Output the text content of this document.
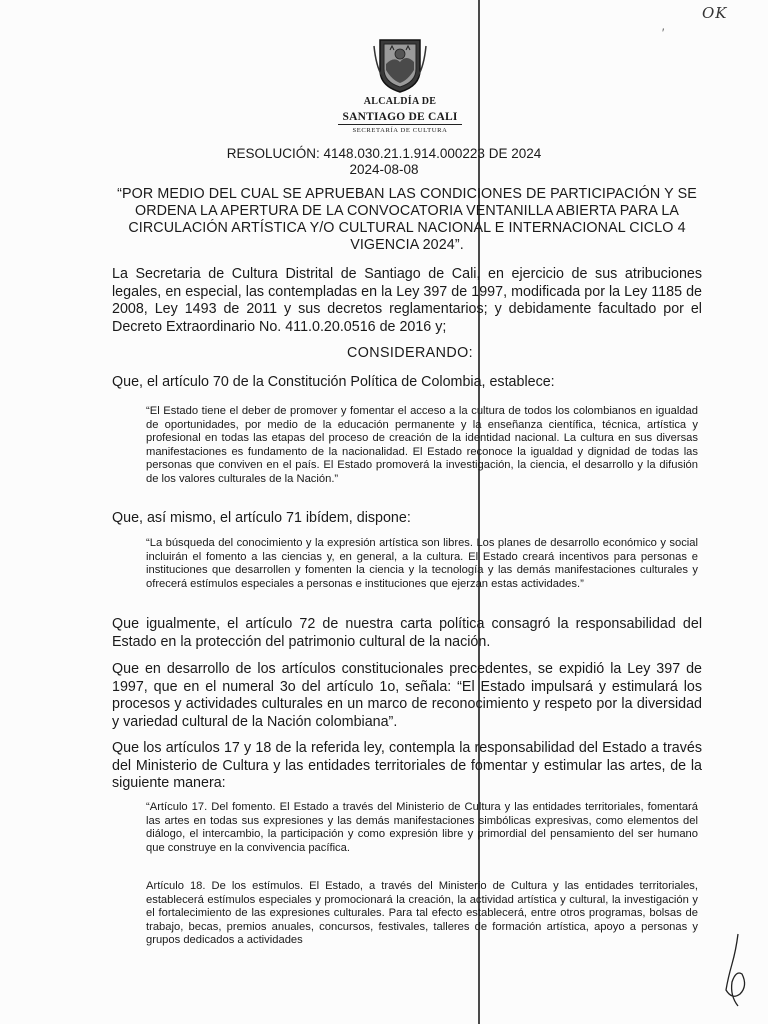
OK
′
ALCALDÍA DE
SANTIAGO DE CALI
SECRETARÍA DE CULTURA
RESOLUCIÓN: 4148.030.21.1.914.000223 DE 2024
2024-08-08
“POR MEDIO DEL CUAL SE APRUEBAN LAS CONDICIONES DE PARTICIPACIÓN Y SE ORDENA LA APERTURA DE LA CONVOCATORIA VENTANILLA ABIERTA PARA LA CIRCULACIÓN ARTÍSTICA Y/O CULTURAL NACIONAL E INTERNACIONAL CICLO 4 VIGENCIA 2024”.
La Secretaria de Cultura Distrital de Santiago de Cali, en ejercicio de sus atribuciones legales, en especial, las contempladas en la Ley 397 de 1997, modificada por la Ley 1185 de 2008, Ley 1493 de 2011 y sus decretos reglamentarios; y debidamente facultado por el Decreto Extraordinario No. 411.0.20.0516 de 2016 y;
CONSIDERANDO:
Que, el artículo 70 de la Constitución Política de Colombia, establece:
“El Estado tiene el deber de promover y fomentar el acceso a la cultura de todos los colombianos en igualdad de oportunidades, por medio de la educación permanente y la enseñanza científica, técnica, artística y profesional en todas las etapas del proceso de creación de la identidad nacional. La cultura en sus diversas manifestaciones es fundamento de la nacionalidad. El Estado reconoce la igualdad y dignidad de todas las personas que conviven en el país. El Estado promoverá la investigación, la ciencia, el desarrollo y la difusión de los valores culturales de la Nación.”
Que, así mismo, el artículo 71 ibídem, dispone:
“La búsqueda del conocimiento y la expresión artística son libres. Los planes de desarrollo económico y social incluirán el fomento a las ciencias y, en general, a la cultura. El Estado creará incentivos para personas e instituciones que desarrollen y fomenten la ciencia y la tecnología y las demás manifestaciones culturales y ofrecerá estímulos especiales a personas e instituciones que ejerzan estas actividades.”
Que igualmente, el artículo 72 de nuestra carta política consagró la responsabilidad del Estado en la protección del patrimonio cultural de la nación.
Que en desarrollo de los artículos constitucionales precedentes, se expidió la Ley 397 de 1997, que en el numeral 3o del artículo 1o, señala: “El Estado impulsará y estimulará los procesos y actividades culturales en un marco de reconocimiento y respeto por la diversidad y variedad cultural de la Nación colombiana”.
Que los artículos 17 y 18 de la referida ley, contempla la responsabilidad del Estado a través del Ministerio de Cultura y las entidades territoriales de fomentar y estimular las artes, de la siguiente manera:
“Artículo 17. Del fomento. El Estado a través del Ministerio de Cultura y las entidades territoriales, fomentará las artes en todas sus expresiones y las demás manifestaciones simbólicas expresivas, como elementos del diálogo, el intercambio, la participación y como expresión libre y primordial del pensamiento del ser humano que construye en la convivencia pacífica.
Artículo 18. De los estímulos. El Estado, a través del Ministerio de Cultura y las entidades territoriales, establecerá estímulos especiales y promocionará la creación, la actividad artística y cultural, la investigación y el fortalecimiento de las expresiones culturales. Para tal efecto establecerá, entre otros programas, bolsas de trabajo, becas, premios anuales, concursos, festivales, talleres de formación artística, apoyo a personas y grupos dedicados a actividades
